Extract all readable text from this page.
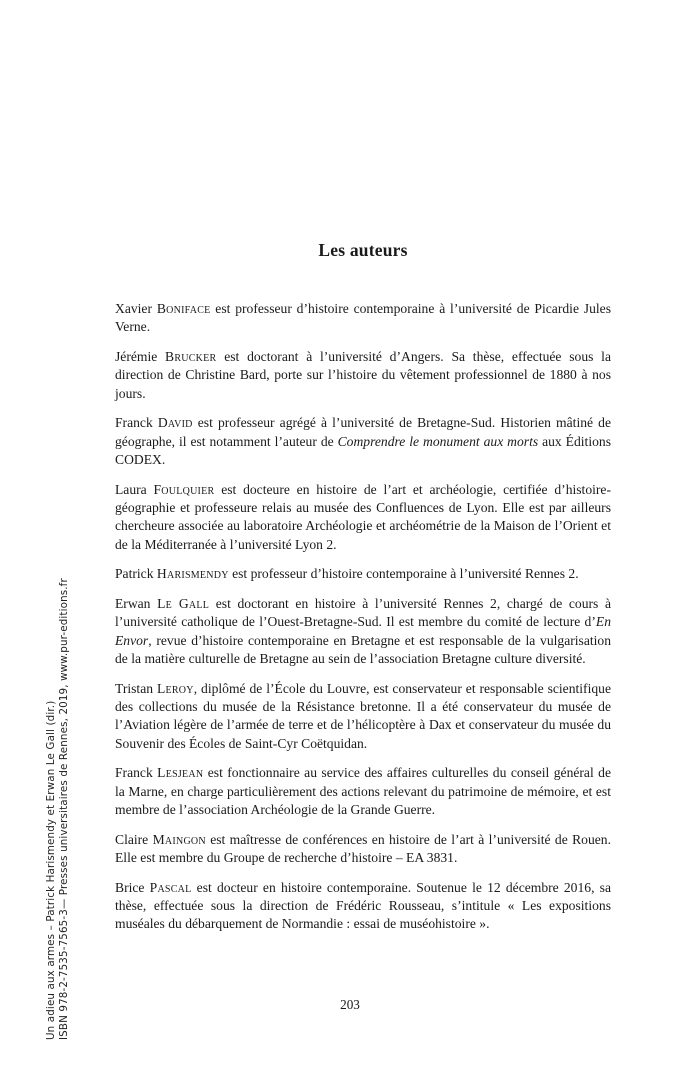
Un adieu aux armes – Patrick Harismendy et Erwan Le Gall (dir.) ISBN 978-2-7535-7565-3— Presses universitaires de Rennes, 2019, www.pur-editions.fr
Les auteurs

Xavier Boniface est professeur d’histoire contemporaine à l’université de Picardie Jules Verne.

Jérémie Brucker est doctorant à l’université d’Angers. Sa thèse, effectuée sous la direction de Christine Bard, porte sur l’histoire du vêtement professionnel de 1880 à nos jours.

Franck David est professeur agrégé à l’université de Bretagne-Sud. Historien mâtiné de géographe, il est notamment l’auteur de Comprendre le monument aux morts aux Éditions CODEX.

Laura Foulquier est docteure en histoire de l’art et archéologie, certifiée d’histoire-géographie et professeure relais au musée des Confluences de Lyon. Elle est par ailleurs chercheure associée au laboratoire Archéologie et archéométrie de la Maison de l’Orient et de la Méditerranée à l’université Lyon 2.

Patrick Harismendy est professeur d’histoire contemporaine à l’université Rennes 2.

Erwan Le Gall est doctorant en histoire à l’université Rennes 2, chargé de cours à l’université catholique de l’Ouest-Bretagne-Sud. Il est membre du comité de lecture d’En Envor, revue d’histoire contemporaine en Bretagne et est responsable de la vulgarisation de la matière culturelle de Bretagne au sein de l’association Bretagne culture diversité.

Tristan Leroy, diplômé de l’École du Louvre, est conservateur et responsable scientifique des collections du musée de la Résistance bretonne. Il a été conservateur du musée de l’Aviation légère de l’armée de terre et de l’hélicoptère à Dax et conservateur du musée du Souvenir des Écoles de Saint-Cyr Coëtquidan.

Franck Lesjean est fonctionnaire au service des affaires culturelles du conseil général de la Marne, en charge particulièrement des actions relevant du patrimoine de mémoire, et est membre de l’association Archéologie de la Grande Guerre.

Claire Maingon est maîtresse de conférences en histoire de l’art à l’université de Rouen. Elle est membre du Groupe de recherche d’histoire – EA 3831.

Brice Pascal est docteur en histoire contemporaine. Soutenue le 12 décembre 2016, sa thèse, effectuée sous la direction de Frédéric Rousseau, s’intitule « Les expositions muséales du débarquement de Normandie : essai de muséohistoire ».

203
